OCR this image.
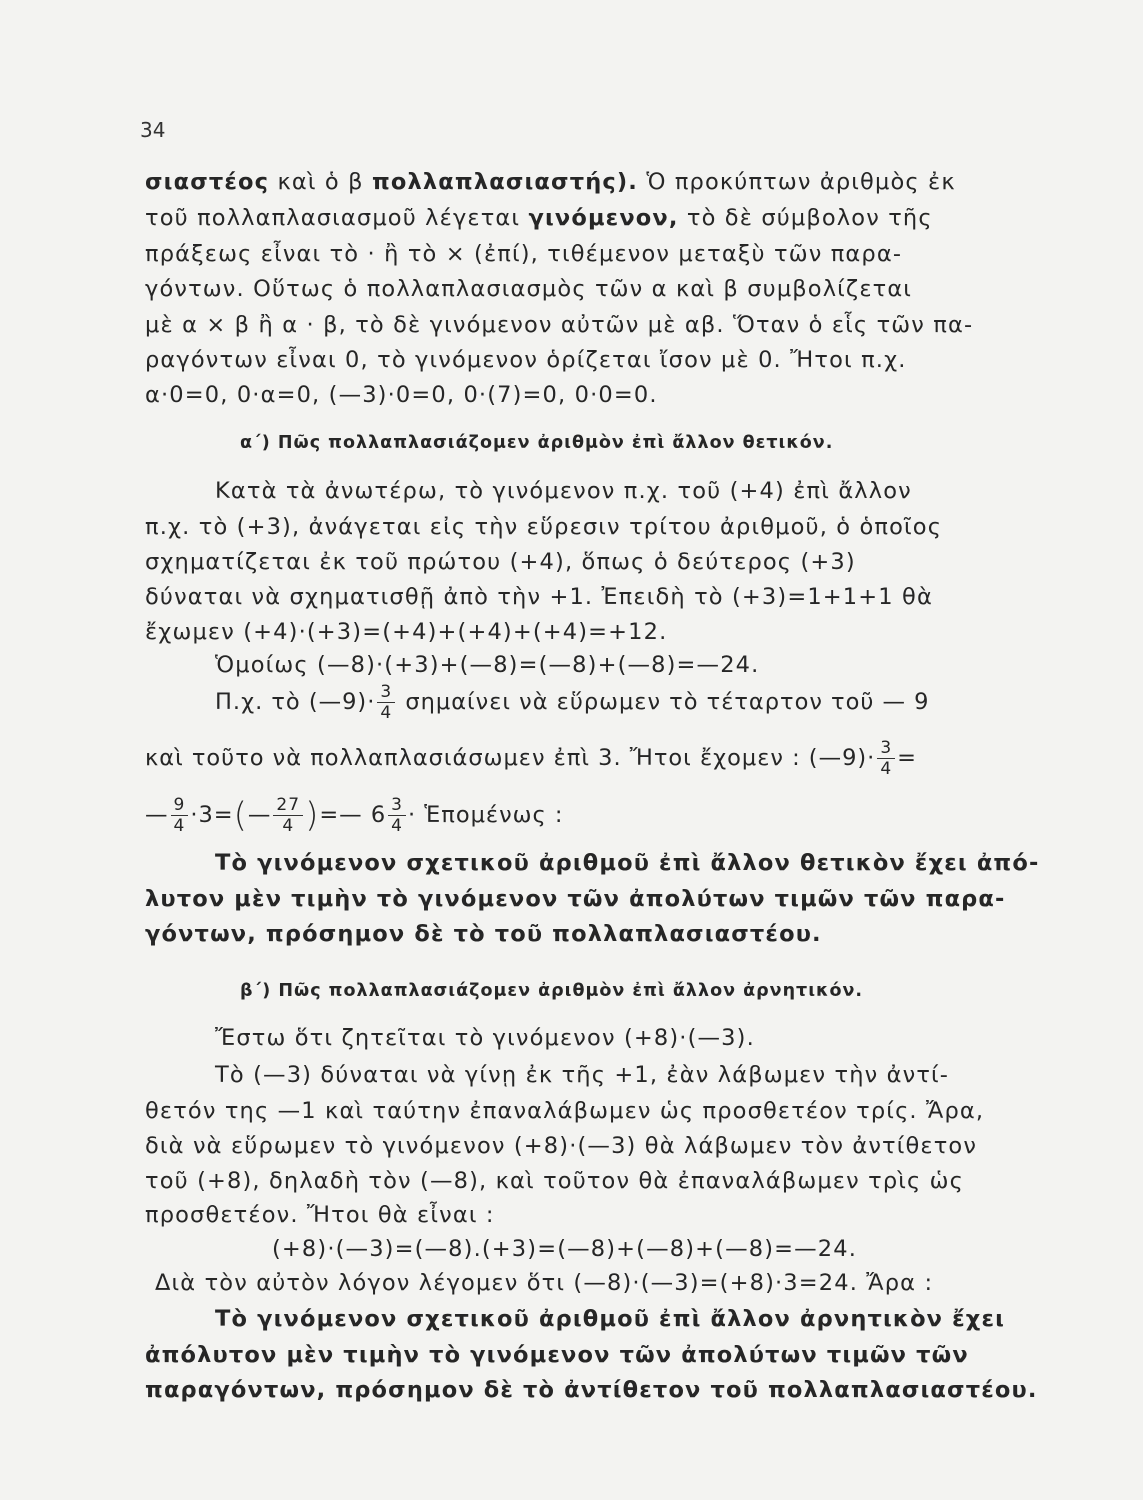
34
σιαστέος καὶ ὁ β πολλαπλασιαστής). Ὁ προκύπτων ἀριθμὸς ἐκ
τοῦ πολλαπλασιασμοῦ λέγεται γινόμενον, τὸ δὲ σύμβολον τῆς
πράξεως εἶναι τὸ · ἢ τὸ × (ἐπί), τιθέμενον μεταξὺ τῶν παρα-
γόντων. Οὕτως ὁ πολλαπλασιασμὸς τῶν α καὶ β συμβολίζεται
μὲ α × β ἢ α · β, τὸ δὲ γινόμενον αὐτῶν μὲ αβ. Ὅταν ὁ εἷς τῶν πα-
ραγόντων εἶναι 0, τὸ γινόμενον ὁρίζεται ἴσον μὲ 0. Ἤτοι π.χ.
α·0=0, 0·α=0, (—3)·0=0, 0·(7)=0, 0·0=0.
α΄) Πῶς πολλαπλασιάζομεν ἀριθμὸν ἐπὶ ἄλλον θετικόν.
Κατὰ τὰ ἀνωτέρω, τὸ γινόμενον π.χ. τοῦ (+4) ἐπὶ ἄλλον
π.χ. τὸ (+3), ἀνάγεται εἰς τὴν εὕρεσιν τρίτου ἀριθμοῦ, ὁ ὁποῖος
σχηματίζεται ἐκ τοῦ πρώτου (+4), ὅπως ὁ δεύτερος (+3)
δύναται νὰ σχηματισθῇ ἀπὸ τὴν +1. Ἐπειδὴ τὸ (+3)=1+1+1 θὰ
ἔχωμεν (+4)·(+3)=(+4)+(+4)+(+4)=+12.
Ὁμοίως (—8)·(+3)+(—8)=(—8)+(—8)=—24.
Π.χ. τὸ (—9)· $\frac{3}{4}$ σημαίνει νὰ εὕρωμεν τὸ τέταρτον τοῦ — 9
καὶ τοῦτο νὰ πολλαπλασιάσωμεν ἐπὶ 3. Ἤτοι ἔχομεν : (—9)· $\frac{3}{4}$ =
— $\frac{9}{4}$ ·3=(— $\frac{27}{4}$ )=— $6 \frac{3}{4}$ · Ἑπομένως :
Τὸ γινόμενον σχετικοῦ ἀριθμοῦ ἐπὶ ἄλλον θετικὸν ἔχει ἀπό-
λυτον μὲν τιμὴν τὸ γινόμενον τῶν ἀπολύτων τιμῶν τῶν παρα-
γόντων, πρόσημον δὲ τὸ τοῦ πολλαπλασιαστέου.
β΄) Πῶς πολλαπλασιάζομεν ἀριθμὸν ἐπὶ ἄλλον ἀρνητικόν.
Ἔστω ὅτι ζητεῖται τὸ γινόμενον (+8)·(—3).
Τὸ (—3) δύναται νὰ γίνῃ ἐκ τῆς +1, ἐὰν λάβωμεν τὴν ἀντί-
θετόν της —1 καὶ ταύτην ἐπαναλάβωμεν ὡς προσθετέον τρίς. Ἄρα,
διὰ νὰ εὕρωμεν τὸ γινόμενον (+8)·(—3) θὰ λάβωμεν τὸν ἀντίθετον
τοῦ (+8), δηλαδὴ τὸν (—8), καὶ τοῦτον θὰ ἐπαναλάβωμεν τρὶς ὡς
προσθετέον. Ἤτοι θὰ εἶναι :
(+8)·(—3)=(—8).(+3)=(—8)+(—8)+(—8)=—24.
Διὰ τὸν αὐτὸν λόγον λέγομεν ὅτι (—8)·(—3)=(+8)·3=24. Ἄρα :
Τὸ γινόμενον σχετικοῦ ἀριθμοῦ ἐπὶ ἄλλον ἀρνητικὸν ἔχει
ἀπόλυτον μὲν τιμὴν τὸ γινόμενον τῶν ἀπολύτων τιμῶν τῶν
παραγόντων, πρόσημον δὲ τὸ ἀντίθετον τοῦ πολλαπλασιαστέου.
